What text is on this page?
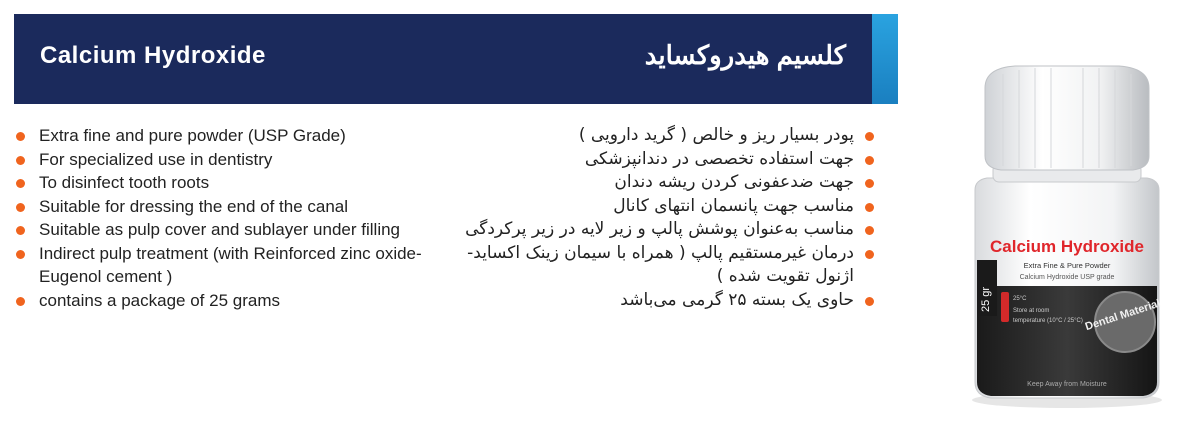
Calcium Hydroxide	کلسیم هیدروکساید
Extra fine and pure powder (USP Grade)
For specialized use in dentistry
To disinfect tooth roots
Suitable for dressing the end of the canal
Suitable as pulp cover and sublayer under filling
Indirect pulp treatment (with Reinforced zinc oxide-Eugenol cement )
contains a package of 25 grams
پودر بسیار ریز و خالص ( گرید دارویی )
جهت استفاده تخصصی در دندانپزشکی
جهت ضدعفونی کردن ریشه دندان
مناسب جهت پانسمان انتهای کانال
مناسب به‌عنوان پوشش پالپ و زیر لایه در زیر پرکردگی
درمان غیرمستقیم پالپ ( همراه با سیمان زینک اکساید-اژنول تقویت شده )
حاوی یک بسته ۲۵ گرمی می‌باشد
Calcium Hydroxide
Extra Fine & Pure Powder
Calcium Hydroxide USP grade
25 gr	25°C
Store at room
temperature (10°C / 25°C) Dental Material
Keep Away from Moisture
